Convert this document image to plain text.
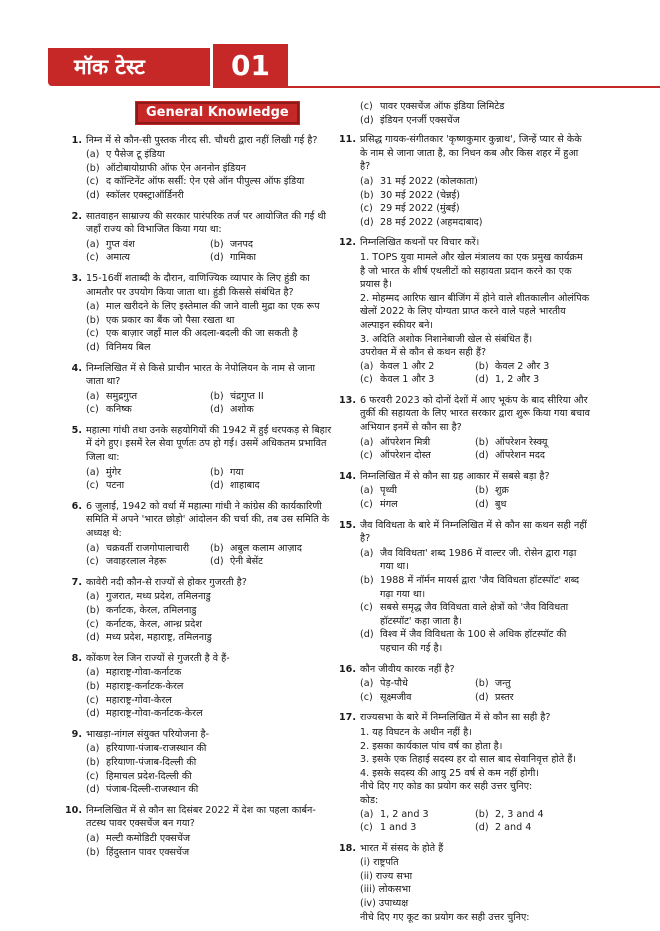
मॉक टेस्ट	01
General Knowledge
1. निम्न में से कौन-सी पुस्तक नीरद सी. चौधरी द्वारा नहीं लिखी गई है?
(a) ए पैसेज टू इंडिया
(b) ऑटोबायोग्राफी ऑफ ऐन अननोन इंडियन
(c) द कॉन्टिनेंट ऑफ सर्सी: ऐन एसे ऑन पीपुल्स ऑफ इंडिया
(d) स्कॉलर एक्स्ट्राऑर्डिनरी
2. सातवाहन साम्राज्य की सरकार पारंपरिक तर्ज पर आयोजित की गई थी जहाँ राज्य को विभाजित किया गया था:
(a) गुप्त वंश	(b) जनपद
(c) अमात्य	(d) गामिका
3. 15-16वीं शताब्दी के दौरान, वाणिज्यिक व्यापार के लिए हुंडी का आमतौर पर उपयोग किया जाता था। हुंडी किससे संबंधित है?
(a) माल खरीदने के लिए इस्तेमाल की जाने वाली मुद्रा का एक रूप
(b) एक प्रकार का बैंक जो पैसा रखता था
(c) एक बाज़ार जहाँ माल की अदला-बदली की जा सकती है
(d) विनिमय बिल
4. निम्नलिखित में से किसे प्राचीन भारत के नेपोलियन के नाम से जाना जाता था?
(a) समुद्रगुप्त	(b) चंद्रगुप्त II
(c) कनिष्क	(d) अशोक
5. महात्मा गांधी तथा उनके सहयोगियों की 1942 में हुई धरपकड़ से बिहार में दंगे हुए। इसमें रेल सेवा पूर्णतः ठप हो गई। उसमें अधिकतम प्रभावित जिला था:
(a) मुंगेर	(b) गया
(c) पटना	(d) शाहाबाद
6. 6 जुलाई, 1942 को वर्धा में महात्मा गांधी ने कांग्रेस की कार्यकारिणी समिति में अपने 'भारत छोड़ो' आंदोलन की चर्चा की, तब उस समिति के अध्यक्ष थे:
(a) चक्रवर्ती राजगोपालाचारी	(b) अबुल कलाम आज़ाद
(c) जवाहरलाल नेहरू	(d) ऐनी बेसेंट
7. कावेरी नदी कौन-से राज्यों से होकर गुजरती है?
(a) गुजरात, मध्य प्रदेश, तमिलनाडु
(b) कर्नाटक, केरल, तमिलनाडु
(c) कर्नाटक, केरल, आन्ध्र प्रदेश
(d) मध्य प्रदेश, महाराष्ट्र, तमिलनाडु
8. कोंकण रेल जिन राज्यों से गुजरती है वे हैं-
(a) महाराष्ट्र-गोवा-कर्नाटक
(b) महाराष्ट्र-कर्नाटक-केरल
(c) महाराष्ट्र-गोवा-केरल
(d) महाराष्ट्र-गोवा-कर्नाटक-केरल
9. भाखड़ा-नांगल संयुक्त परियोजना है-
(a) हरियाणा-पंजाब-राजस्थान की
(b) हरियाणा-पंजाब-दिल्ली की
(c) हिमाचल प्रदेश-दिल्ली की
(d) पंजाब-दिल्ली-राजस्थान की
10. निम्नलिखित में से कौन सा दिसंबर 2022 में देश का पहला कार्बन-तटस्थ पावर एक्सचेंज बन गया?
(a) मल्टी कमोडिटी एक्सचेंज
(b) हिंदुस्तान पावर एक्सचेंज
(c) पावर एक्सचेंज ऑफ इंडिया लिमिटेड
(d) इंडियन एनर्जी एक्सचेंज
11. प्रसिद्ध गायक-संगीतकार 'कृष्णकुमार कुन्नाथ', जिन्हें प्यार से केके के नाम से जाना जाता है, का निधन कब और किस शहर में हुआ है?
(a) 31 मई 2022 (कोलकाता)
(b) 30 मई 2022 (चेन्नई)
(c) 29 मई 2022 (मुंबई)
(d) 28 मई 2022 (अहमदाबाद)
12. निम्नलिखित कथनों पर विचार करें।

1. TOPS युवा मामले और खेल मंत्रालय का एक प्रमुख कार्यक्रम है जो भारत के शीर्ष एथलीटों को सहायता प्रदान करने का एक प्रयास है।

2. मोहम्मद आरिफ खान बीजिंग में होने वाले शीतकालीन ओलंपिक खेलों 2022 के लिए योग्यता प्राप्त करने वाले पहले भारतीय अल्पाइन स्कीयर बने।

3. अदिति अशोक निशानेबाजी खेल से संबंधित हैं।

उपरोक्त में से कौन से कथन सही हैं?

(a) केवल 1 और 2	(b) केवल 2 और 3
(c) केवल 1 और 3	(d) 1, 2 और 3
13. 6 फरवरी 2023 को दोनों देशों में आए भूकंप के बाद सीरिया और तुर्की की सहायता के लिए भारत सरकार द्वारा शुरू किया गया बचाव अभियान इनमें से कौन सा है?
(a) ऑपरेशन मित्री	(b) ऑपरेशन रेस्क्यू
(c) ऑपरेशन दोस्त	(d) ऑपरेशन मदद
14. निम्नलिखित में से कौन सा ग्रह आकार में सबसे बड़ा है?
(a) पृथ्वी	(b) शुक्र
(c) मंगल	(d) बुध
15. जैव विविधता के बारे में निम्नलिखित में से कौन सा कथन सही नहीं है?
(a) जैव विविधता' शब्द 1986 में वाल्टर जी. रोसेन द्वारा गढ़ा गया था।
(b) 1988 में नॉर्मन मायर्स द्वारा 'जैव विविधता हॉटस्पॉट' शब्द गढ़ा गया था।
(c) सबसे समृद्ध जैव विविधता वाले क्षेत्रों को 'जैव विविधता हॉटस्पॉट' कहा जाता है।
(d) विश्व में जैव विविधता के 100 से अधिक हॉटस्पॉट की पहचान की गई है।
16. कौन जीवीय कारक नहीं है?
(a) पेड़-पौधे	(b) जन्तु
(c) सूक्ष्मजीव	(d) प्रस्तर
17. राज्यसभा के बारे में निम्नलिखित में से कौन सा सही है?

1. यह विघटन के अधीन नहीं है।

2. इसका कार्यकाल पांच वर्ष का होता है।

3. इसके एक तिहाई सदस्य हर दो साल बाद सेवानिवृत्त होते हैं।

4. इसके सदस्य की आयु 25 वर्ष से कम नहीं होगी।

नीचे दिए गए कोड का प्रयोग कर सही उत्तर चुनिए:

कोड:

(a) 1, 2 and 3	(b) 2, 3 and 4
(c) 1 and 3	(d) 2 and 4
18. भारत में संसद के होते हैं

(i) राष्ट्रपति

(ii) राज्य सभा

(iii) लोकसभा

(iv) उपाध्यक्ष

नीचे दिए गए कूट का प्रयोग कर सही उत्तर चुनिए:
